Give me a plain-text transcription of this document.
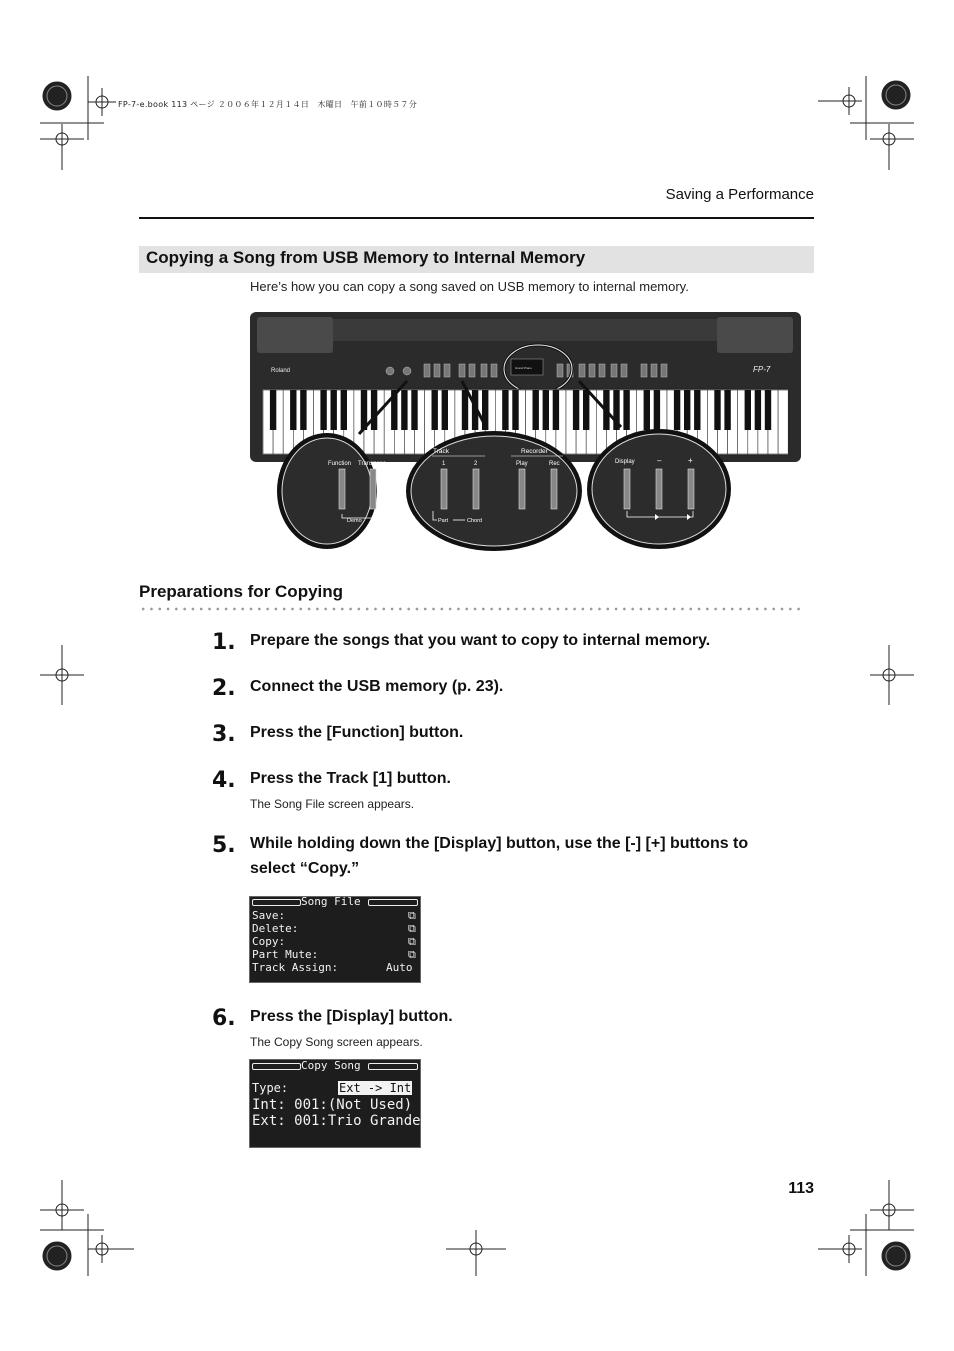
FP-7-e.book 113 ページ ２００６年１２月１４日　木曜日　午前１０時５７分
Saving a Performance
Copying a Song from USB Memory to Internal Memory
Here’s how you can copy a song saved on USB memory to internal memory.
Roland	FP-7
Grand Piano
Function Transpose
Demo
Track	Recorder
1	2	Play	Rec
Part	Chord
Display	–	+
Preparations for Copying
1. Prepare the songs that you want to copy to internal memory.
2. Connect the USB memory (p. 23).
3. Press the [Function] button.
4. Press the Track [1] button.
The Song File screen appears.
5. While holding down the [Display] button, use the [-] [+] buttons to select “Copy.”
Song File
Save:	⧉
Delete:	⧉
Copy:	⧉
Part Mute:	⧉
Track Assign:	Auto
6. Press the [Display] button.
The Copy Song screen appears.
Copy Song
Type:	Ext -> Int
Int: 001:(Not Used)
Ext: 001:Trio Grande
113
